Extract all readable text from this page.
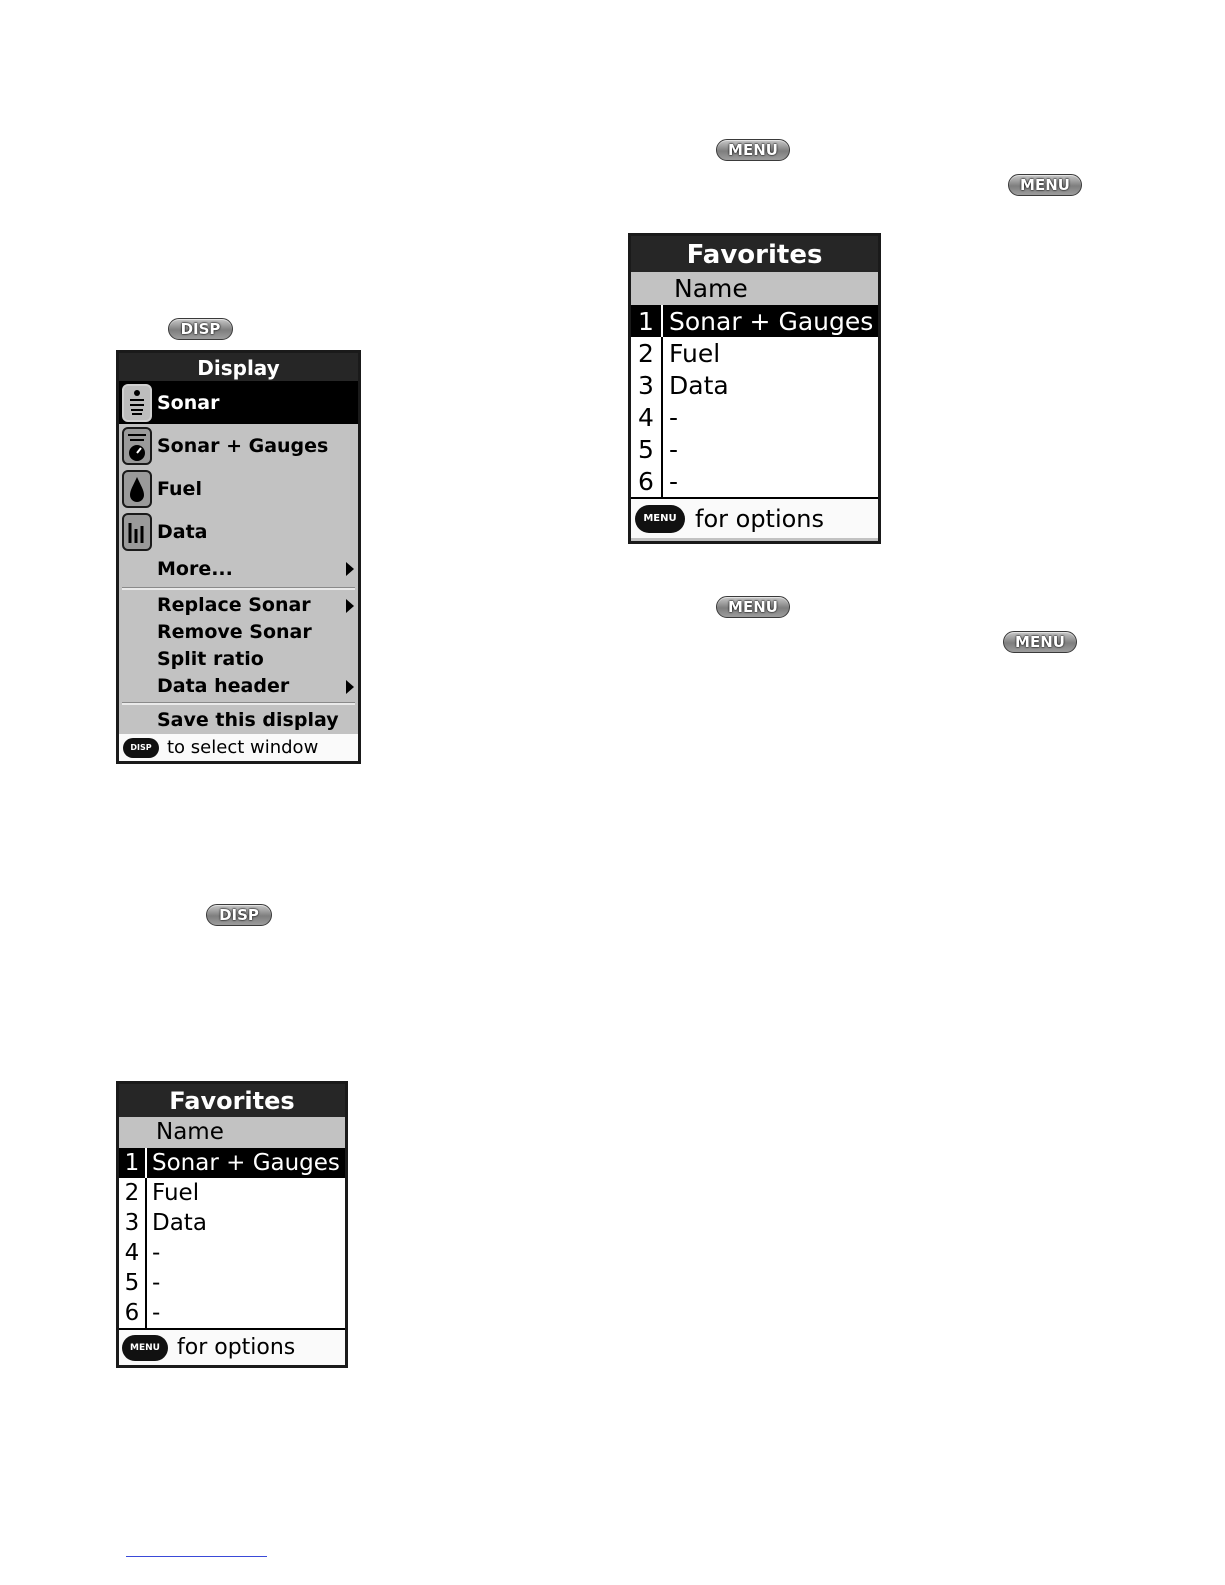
MENU
MENU
DISP
MENU
MENU
DISP
Display
Sonar
Sonar + Gauges
Fuel
Data
More...
Replace Sonar
Remove Sonar
Split ratio
Data header
Save this display
DISP to select window
Favorites
Name
1 Sonar + Gauges
2 Fuel
3 Data
4 -
5 -
6 -
MENU for options
Favorites
Name
1 Sonar + Gauges
2 Fuel
3 Data
4 -
5 -
6 -
MENU for options
